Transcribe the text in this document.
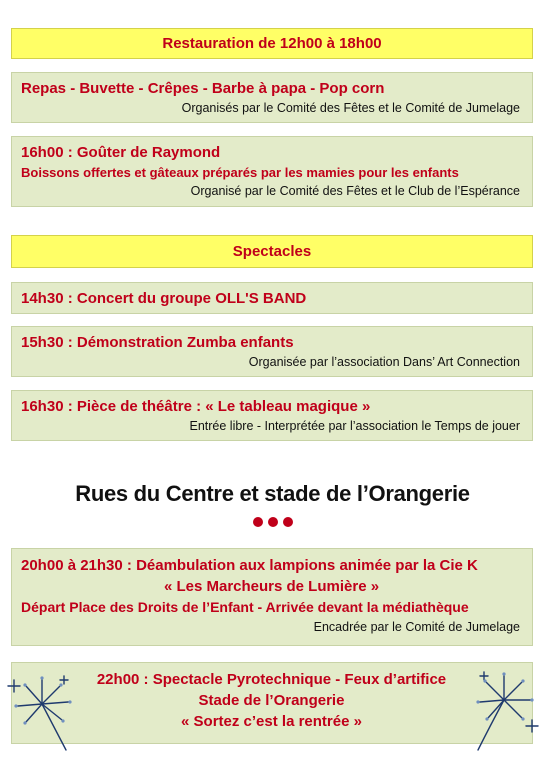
Restauration de 12h00 à 18h00
Repas - Buvette - Crêpes - Barbe à papa - Pop corn
Organisés par le Comité des Fêtes et le Comité de Jumelage
16h00 : Goûter de Raymond
Boissons offertes et gâteaux préparés par les mamies pour les enfants
Organisé par le Comité des Fêtes et le Club de l’Espérance
Spectacles
14h30 : Concert du groupe OLL'S BAND
15h30 : Démonstration Zumba enfants
Organisée par l’association Dans’ Art Connection
16h30 : Pièce de théâtre : « Le tableau magique »
Entrée libre - Interprétée par l’association le Temps de jouer
Rues du Centre et stade de l’Orangerie
20h00 à 21h30 : Déambulation aux lampions animée par la Cie K
« Les Marcheurs de Lumière »
Départ Place des Droits de l’Enfant - Arrivée devant la médiathèque
Encadrée par le Comité de Jumelage
22h00 : Spectacle Pyrotechnique - Feux d’artifice
Stade de l’Orangerie
« Sortez c’est la rentrée »
